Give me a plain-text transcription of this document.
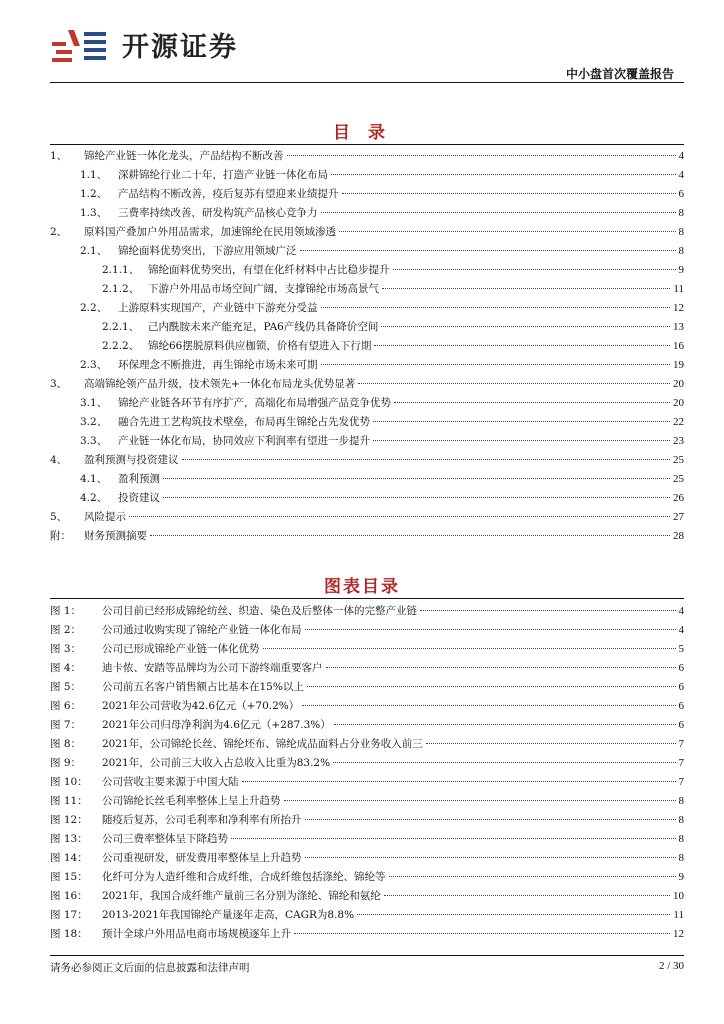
开源证券
中小盘首次覆盖报告
目 录
1、	锦纶产业链一体化龙头，产品结构不断改善	4
1.1、	深耕锦纶行业二十年，打造产业链一体化布局	4
1.2、	产品结构不断改善，疫后复苏有望迎来业绩提升	6
1.3、	三费率持续改善，研发构筑产品核心竞争力	8
2、	原料国产叠加户外用品需求，加速锦纶在民用领域渗透	8
2.1、	锦纶面料优势突出，下游应用领域广泛	8
2.1.1、 锦纶面料优势突出，有望在化纤材料中占比稳步提升	9
2.1.2、 下游户外用品市场空间广阔，支撑锦纶市场高景气	11
2.2、	上游原料实现国产，产业链中下游充分受益	12
2.2.1、 己内酰胺未来产能充足，PA6产线仍具备降价空间	13
2.2.2、 锦纶66摆脱原料供应枷锁，价格有望进入下行期	16
2.3、	环保理念不断推进，再生锦纶市场未来可期	19
3、	高端锦纶领产品升级，技术领先+一体化布局龙头优势显著	20
3.1、	锦纶产业链各环节有序扩产，高端化布局增强产品竞争优势	20
3.2、	融合先进工艺构筑技术壁垒，布局再生锦纶占先发优势	22
3.3、	产业链一体化布局，协同效应下利润率有望进一步提升	23
4、	盈利预测与投资建议	25
4.1、	盈利预测	25
4.2、	投资建议	26
5、	风险提示	27
附：	财务预测摘要	28
图表目录
图 1：	公司目前已经形成锦纶纺丝、织造、染色及后整体一体的完整产业链	4
图 2：	公司通过收购实现了锦纶产业链一体化布局	4
图 3：	公司已形成锦纶产业链一体化优势	5
图 4：	迪卡侬、安踏等品牌均为公司下游终端重要客户	6
图 5：	公司前五名客户销售额占比基本在15%以上	6
图 6：	2021年公司营收为42.6亿元（+70.2%）	6
图 7：	2021年公司归母净利润为4.6亿元（+287.3%）	6
图 8：	2021年，公司锦纶长丝、锦纶坯布、锦纶成品面料占分业务收入前三	7
图 9：	2021年，公司前三大收入占总收入比重为83.2%	7
图 10：	公司营收主要来源于中国大陆	7
图 11：	公司锦纶长丝毛利率整体上呈上升趋势	8
图 12：	随疫后复苏，公司毛利率和净利率有所抬升	8
图 13：	公司三费率整体呈下降趋势	8
图 14：	公司重视研发，研发费用率整体呈上升趋势	8
图 15：	化纤可分为人造纤维和合成纤维，合成纤维包括涤纶、锦纶等	9
图 16：	2021年，我国合成纤维产量前三名分别为涤纶、锦纶和氨纶	10
图 17：	2013-2021年我国锦纶产量逐年走高，CAGR为8.8%	11
图 18：	预计全球户外用品电商市场规模逐年上升	12
请务必参阅正文后面的信息披露和法律声明	2 / 30
